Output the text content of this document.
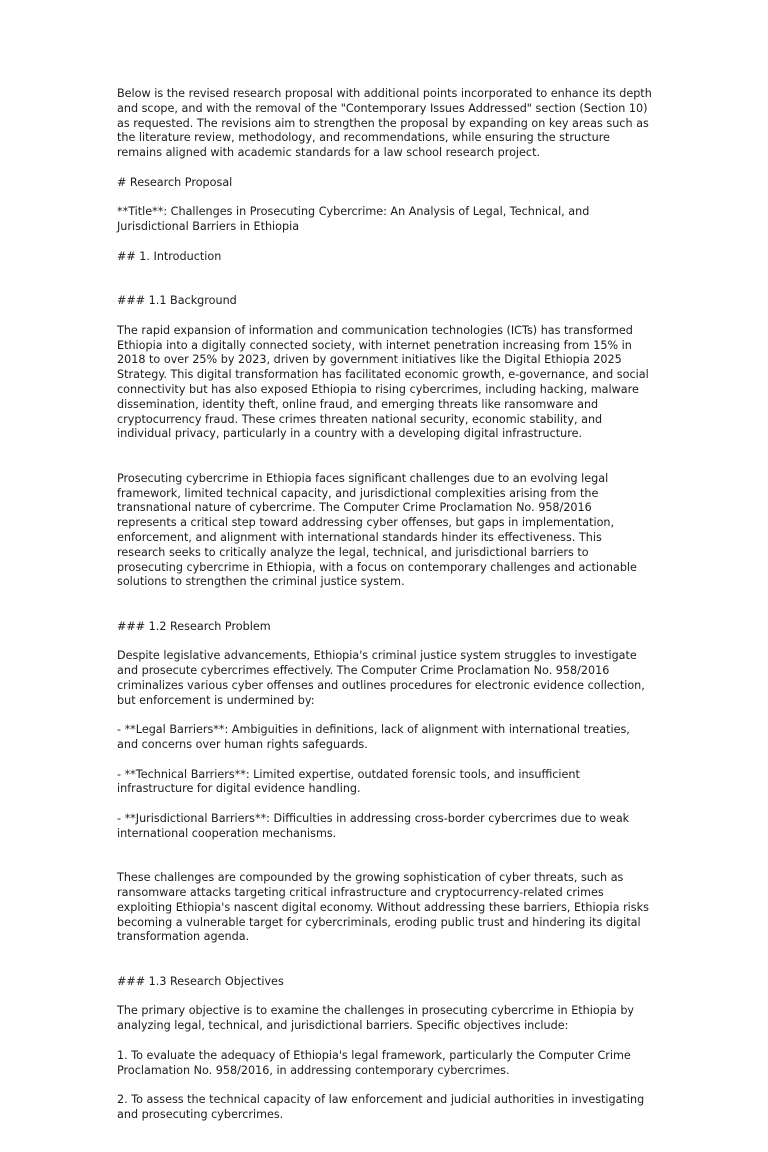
Below is the revised research proposal with additional points incorporated to enhance its depth and scope, and with the removal of the "Contemporary Issues Addressed" section (Section 10) as requested. The revisions aim to strengthen the proposal by expanding on key areas such as the literature review, methodology, and recommendations, while ensuring the structure remains aligned with academic standards for a law school research project.

# Research Proposal

**Title**: Challenges in Prosecuting Cybercrime: An Analysis of Legal, Technical, and Jurisdictional Barriers in Ethiopia

## 1. Introduction

### 1.1 Background

The rapid expansion of information and communication technologies (ICTs) has transformed Ethiopia into a digitally connected society, with internet penetration increasing from 15% in 2018 to over 25% by 2023, driven by government initiatives like the Digital Ethiopia 2025 Strategy. This digital transformation has facilitated economic growth, e-governance, and social connectivity but has also exposed Ethiopia to rising cybercrimes, including hacking, malware dissemination, identity theft, online fraud, and emerging threats like ransomware and cryptocurrency fraud. These crimes threaten national security, economic stability, and individual privacy, particularly in a country with a developing digital infrastructure.

Prosecuting cybercrime in Ethiopia faces significant challenges due to an evolving legal framework, limited technical capacity, and jurisdictional complexities arising from the transnational nature of cybercrime. The Computer Crime Proclamation No. 958/2016 represents a critical step toward addressing cyber offenses, but gaps in implementation, enforcement, and alignment with international standards hinder its effectiveness. This research seeks to critically analyze the legal, technical, and jurisdictional barriers to prosecuting cybercrime in Ethiopia, with a focus on contemporary challenges and actionable solutions to strengthen the criminal justice system.

### 1.2 Research Problem

Despite legislative advancements, Ethiopia's criminal justice system struggles to investigate and prosecute cybercrimes effectively. The Computer Crime Proclamation No. 958/2016 criminalizes various cyber offenses and outlines procedures for electronic evidence collection, but enforcement is undermined by:

- **Legal Barriers**: Ambiguities in definitions, lack of alignment with international treaties, and concerns over human rights safeguards.

- **Technical Barriers**: Limited expertise, outdated forensic tools, and insufficient infrastructure for digital evidence handling.

- **Jurisdictional Barriers**: Difficulties in addressing cross-border cybercrimes due to weak international cooperation mechanisms.

These challenges are compounded by the growing sophistication of cyber threats, such as ransomware attacks targeting critical infrastructure and cryptocurrency-related crimes exploiting Ethiopia's nascent digital economy. Without addressing these barriers, Ethiopia risks becoming a vulnerable target for cybercriminals, eroding public trust and hindering its digital transformation agenda.

### 1.3 Research Objectives

The primary objective is to examine the challenges in prosecuting cybercrime in Ethiopia by analyzing legal, technical, and jurisdictional barriers. Specific objectives include:

1. To evaluate the adequacy of Ethiopia's legal framework, particularly the Computer Crime Proclamation No. 958/2016, in addressing contemporary cybercrimes.

2. To assess the technical capacity of law enforcement and judicial authorities in investigating and prosecuting cybercrimes.
